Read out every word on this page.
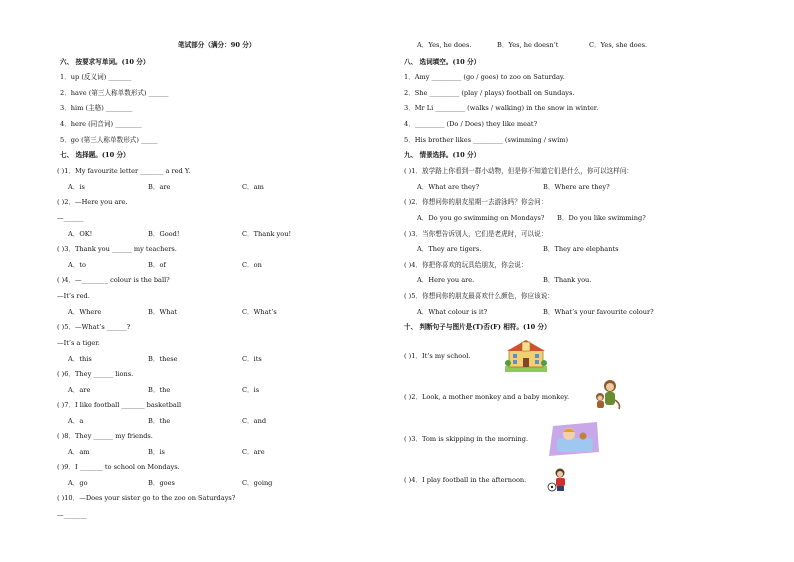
笔试部分（满分：90 分）
六、 按要求写单词。(10 分）
1．up (反义词) _______
2．have (第三人称单数形式) ______
3．him (主格) ________
4．here (同音词) ________
5．go (第三人称单数形式) _____
七、 选择题。(10 分）
( )1．My favourite letter _______ a red Y.
A．is	B．are	C．am
( )2．—Here you are.
—______
A．OK!	B．Good!	C．Thank you!
( )3．Thank you ______ my teachers.
A．to	B．of	C．on
( )4．—________ colour is the ball?
—It’s red.
A．Where	B．What	C．What’s
( )5．—What’s ______?
—It’s a tiger.
A．this	B．these	C．its
( )6．They ______ lions.
A．are	B．the	C．is
( )7．I like football _______ basketball
A．a	B．the	C．and
( )8．They ______ my friends.
A．am	B．is	C．are
( )9．I _______ to school on Mondays.
A．go	B．goes	C．going
( )10．—Does your sister go to the zoo on Saturdays?
—_______
A．Yes, he does.	B．Yes, he doesn’t	C．Yes, she does.
八、 选词填空。(10 分）
1．Amy _________ (go / goes) to zoo on Saturday.
2．She _________ (play / plays) football on Sundays.
3．Mr Li _________ (walks / walking) in the snow in winter.
4．_________ (Do / Does) they like meat?
5．His brother likes _________ (swimming / swim)
九、 情景选择。(10 分）
( )1．放学路上你看到一群小动物，但是你不知道它们是什么，你可以这样问：
A．What are they?	B．Where are they?
( )2．你想问你的朋友星期一去游泳吗？你会问：
A．Do you go swimming on Mondays? B．Do you like swimming?
( )3．当你想告诉别人，它们是老虎时，可以说：
A．They are tigers.	B．They are elephants
( )4．你把你喜欢的玩具给朋友，你会说：
A．Here you are.	B．Thank you.
( )5．你想问你的朋友最喜欢什么颜色，你应该说：
A．What colour is it?	B．What’s your favourite colour?
十、 判断句子与图片是(T)否(F) 相符。(10 分）
( )1．It’s my school.
( )2．Look, a mother monkey and a baby monkey.
( )3．Tom is skipping in the morning.
( )4．I play football in the afternoon.
